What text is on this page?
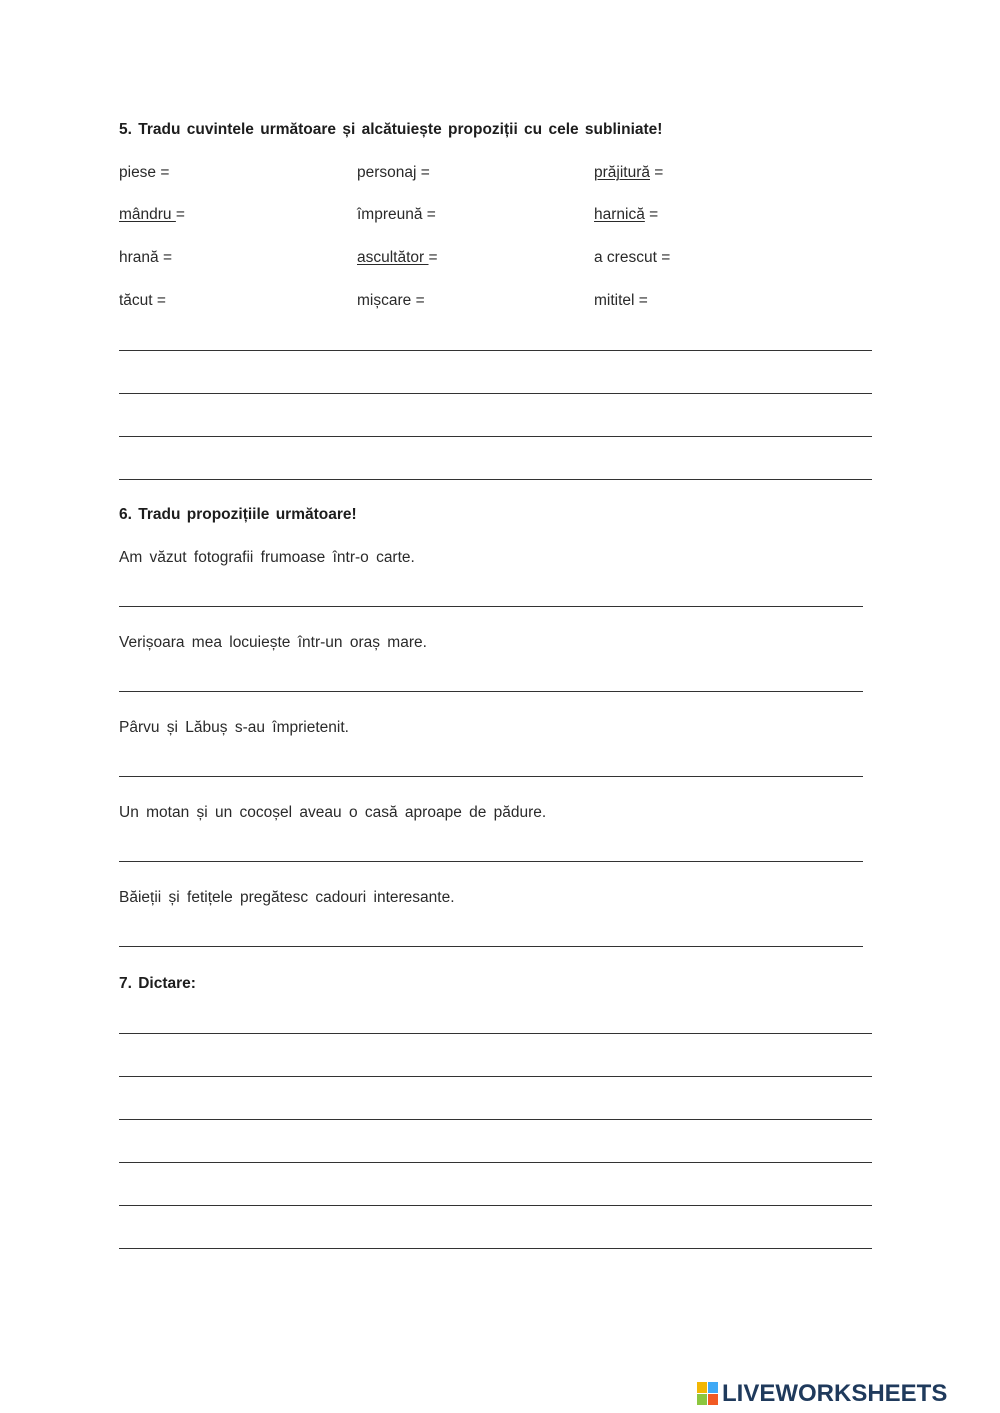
5. Tradu cuvintele următoare și alcătuiește propoziții cu cele subliniate!
piese =	personaj =	prăjitură =
mândru =	împreună =	harnică =
hrană =	ascultător =	a crescut =
tăcut =	mișcare =	mititel =
6. Tradu propozițiile următoare!
Am văzut fotografii frumoase într-o carte.
Verișoara mea locuiește într-un oraș mare.
Pârvu și Lăbuș s-au împrietenit.
Un motan și un cocoșel aveau o casă aproape de pădure.
Băieții și fetițele pregătesc cadouri interesante.
7. Dictare:
LIVEWORKSHEETS
